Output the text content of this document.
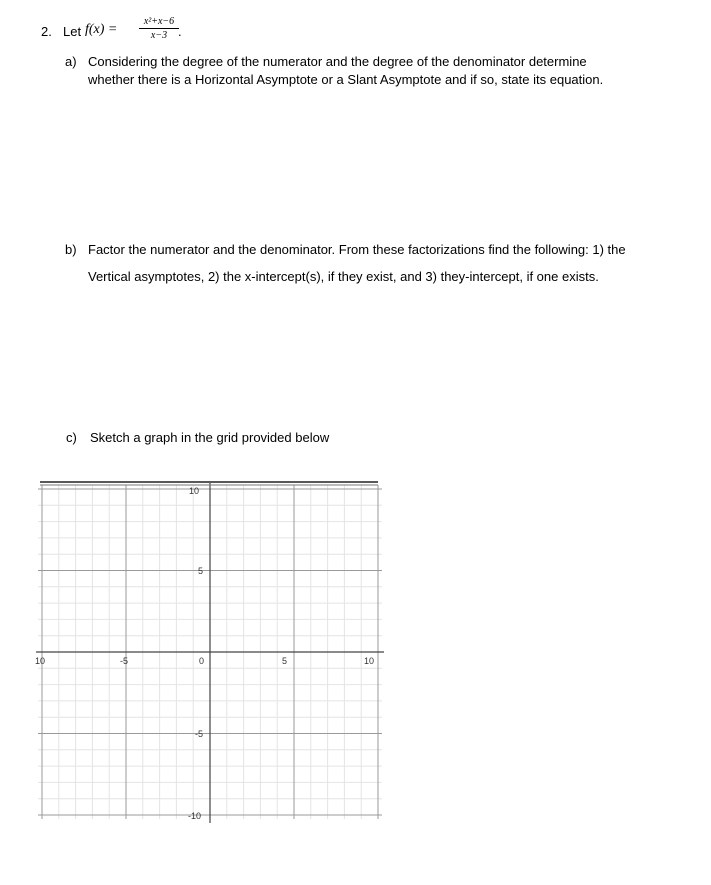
2. Let f(x) =
x²+x−6
x−3 .
a) Considering the degree of the numerator and the degree of the denominator determine
whether there is a Horizontal Asymptote or a Slant Asymptote and if so, state its equation.
b) Factor the numerator and the denominator. From these factorizations find the following: 1) the
Vertical asymptotes, 2) the x-intercept(s), if they exist, and 3) they-intercept, if one exists.
c) Sketch a graph in the grid provided below
10	-5	0	5	10
10
5
-5
-10
